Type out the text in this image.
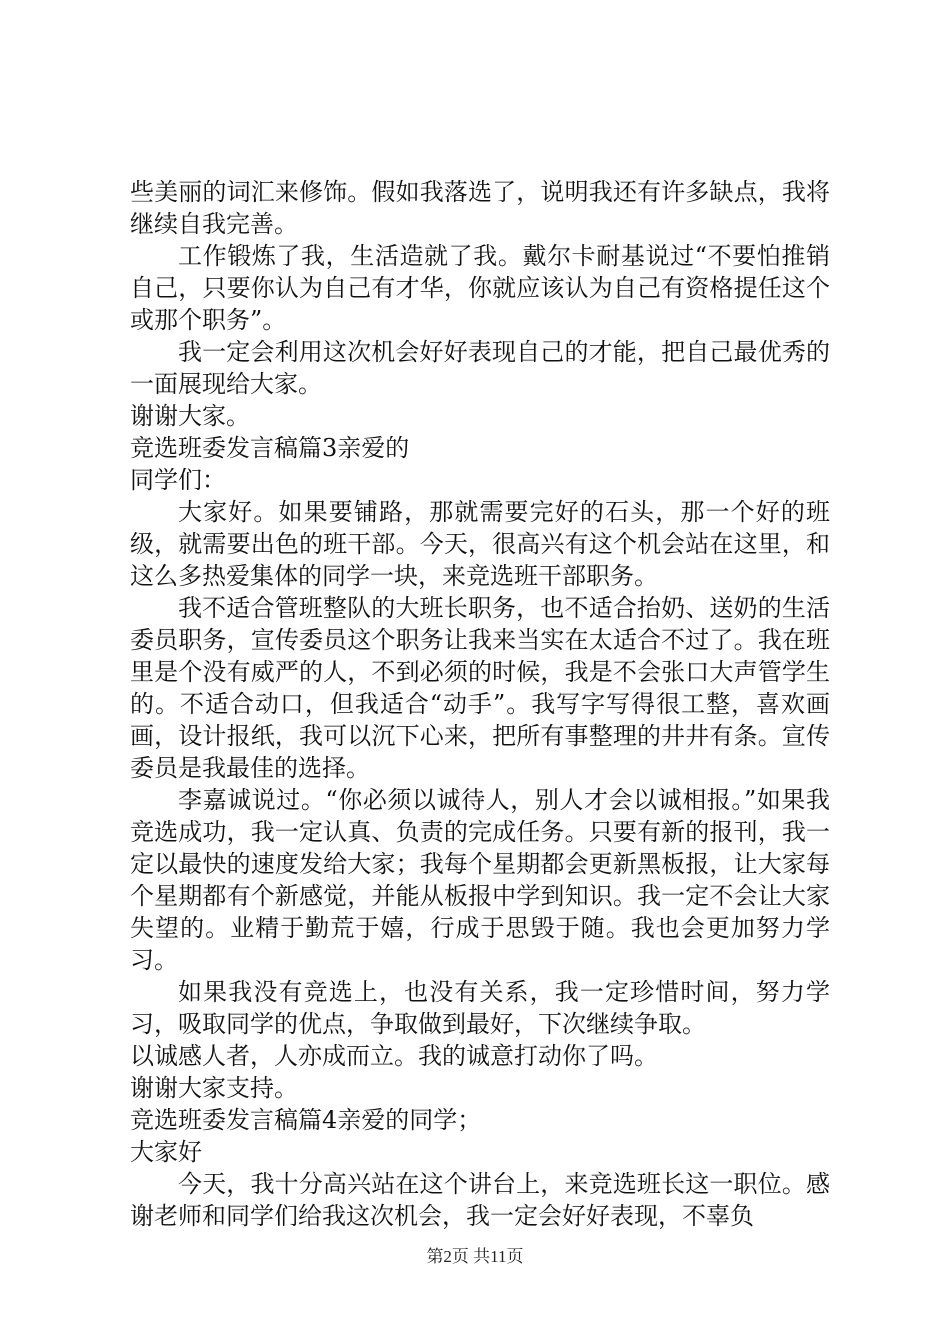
些美丽的词汇来修饰。假如我落选了，说明我还有许多缺点，我将继续自我完善。

工作锻炼了我，生活造就了我。戴尔卡耐基说过“不要怕推销自己，只要你认为自己有才华，你就应该认为自己有资格提任这个或那个职务”。

我一定会利用这次机会好好表现自己的才能，把自己最优秀的一面展现给大家。

谢谢大家。

竞选班委发言稿篇3亲爱的

同学们：

大家好。如果要铺路，那就需要完好的石头，那一个好的班级，就需要出色的班干部。今天，很高兴有这个机会站在这里，和这么多热爱集体的同学一块，来竞选班干部职务。

我不适合管班整队的大班长职务，也不适合抬奶、送奶的生活委员职务，宣传委员这个职务让我来当实在太适合不过了。我在班里是个没有威严的人，不到必须的时候，我是不会张口大声管学生的。不适合动口，但我适合“动手”。我写字写得很工整，喜欢画画，设计报纸，我可以沉下心来，把所有事整理的井井有条。宣传委员是我最佳的选择。

李嘉诚说过。“你必须以诚待人，别人才会以诚相报。”如果我竞选成功，我一定认真、负责的完成任务。只要有新的报刊，我一定以最快的速度发给大家；我每个星期都会更新黑板报，让大家每个星期都有个新感觉，并能从板报中学到知识。我一定不会让大家失望的。业精于勤荒于嬉，行成于思毁于随。我也会更加努力学习。

如果我没有竞选上，也没有关系，我一定珍惜时间，努力学习，吸取同学的优点，争取做到最好，下次继续争取。

以诚感人者，人亦成而立。我的诚意打动你了吗。

谢谢大家支持。

竞选班委发言稿篇4亲爱的同学；

大家好

今天，我十分高兴站在这个讲台上，来竞选班长这一职位。感谢老师和同学们给我这次机会，我一定会好好表现，不辜负

第2页 共11页
